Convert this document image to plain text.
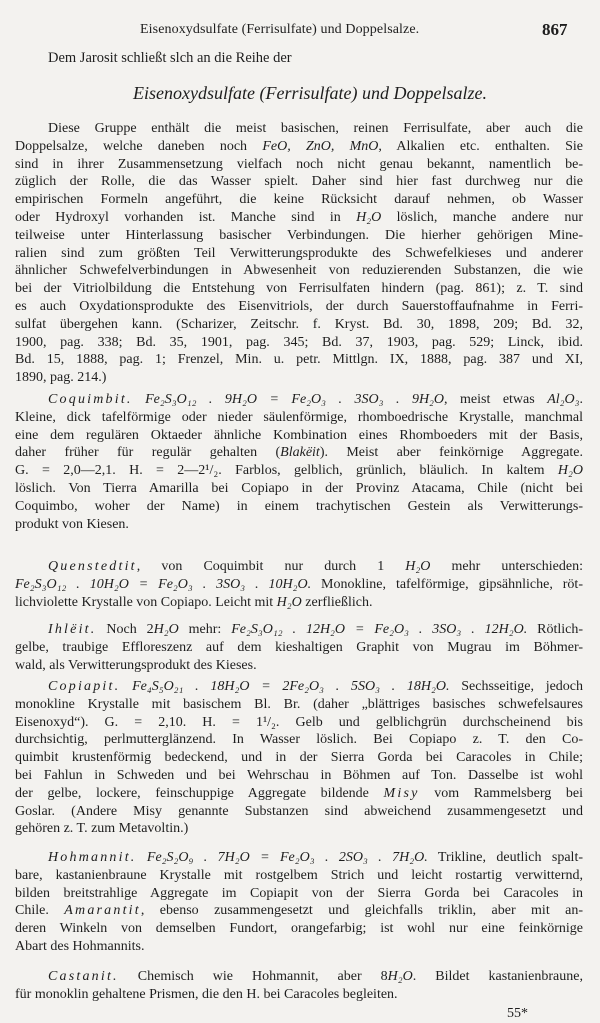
Eisenoxydsulfate (Ferrisulfate) und Doppelsalze.	867
Dem Jarosit schließt slch an die Reihe der
Eisenoxydsulfate (Ferrisulfate) und Doppelsalze.
Diese Gruppe enthält die meist basischen, reinen Ferrisulfate, aber auch die
Doppelsalze, welche daneben noch FeO, ZnO, MnO, Alkalien etc. enthalten. Sie
sind in ihrer Zusammensetzung vielfach noch nicht genau bekannt, namentlich be-
züglich der Rolle, die das Wasser spielt. Daher sind hier fast durchweg nur die
empirischen Formeln angeführt, die keine Rücksicht darauf nehmen, ob Wasser
oder Hydroxyl vorhanden ist. Manche sind in H₂O löslich, manche andere nur
teilweise unter Hinterlassung basischer Verbindungen. Die hierher gehörigen Mine-
ralien sind zum größten Teil Verwitterungsprodukte des Schwefelkieses und anderer
ähnlicher Schwefelverbindungen in Abwesenheit von reduzierenden Substanzen, die wie
bei der Vitriolbildung die Entstehung von Ferrisulfaten hindern (pag. 861); z. T. sind
es auch Oxydationsprodukte des Eisenvitriols, der durch Sauerstoffaufnahme in Ferri-
sulfat übergehen kann. (Scharizer, Zeitschr. f. Kryst. Bd. 30, 1898, 209; Bd. 32,
1900, pag. 338; Bd. 35, 1901, pag. 345; Bd. 37, 1903, pag. 529; Linck, ibid.
Bd. 15, 1888, pag. 1; Frenzel, Min. u. petr. Mittlgn. IX, 1888, pag. 387 und XI,
1890, pag. 214.)
Coquimbit. Fe₂S₃O₁₂ . 9H₂O = Fe₂O₃ . 3SO₃ . 9H₂O, meist etwas Al₂O₃.
Kleine, dick tafelförmige oder nieder säulenförmige, rhomboedrische Krystalle, manchmal
eine dem regulären Oktaeder ähnliche Kombination eines Rhomboeders mit der Basis,
daher früher für regulär gehalten (Blakëit). Meist aber feinkörnige Aggregate.
G. = 2,0—2,1. H. = 2—2¹/₂. Farblos, gelblich, grünlich, bläulich. In kaltem H₂O
löslich. Von Tierra Amarilla bei Copiapo in der Provinz Atacama, Chile (nicht bei
Coquimbo, woher der Name) in einem trachytischen Gestein als Verwitterungs-
produkt von Kiesen.
Quenstedtit, von Coquimbit nur durch 1 H₂O mehr unterschieden:
Fe₂S₃O₁₂ . 10H₂O = Fe₂O₃ . 3SO₃ . 10H₂O. Monokline, tafelförmige, gipsähnliche, röt-
lichviolette Krystalle von Copiapo. Leicht mit H₂O zerfließlich.
Ihlëit. Noch 2H₂O mehr: Fe₂S₃O₁₂ . 12H₂O = Fe₂O₃ . 3SO₃ . 12H₂O. Rötlich-
gelbe, traubige Effloreszenz auf dem kieshaltigen Graphit von Mugrau im Böhmer-
wald, als Verwitterungsprodukt des Kieses.
Copiapit. Fe₄S₅O₂₁ . 18H₂O = 2Fe₂O₃ . 5SO₃ . 18H₂O. Sechsseitige, jedoch
monokline Krystalle mit basischem Bl. Br. (daher „blättriges basisches schwefelsaures
Eisenoxyd“). G. = 2,10. H. = 1¹/₂. Gelb und gelblichgrün durchscheinend bis
durchsichtig, perlmutterglänzend. In Wasser löslich. Bei Copiapo z. T. den Co-
quimbit krustenförmig bedeckend, und in der Sierra Gorda bei Caracoles in Chile;
bei Fahlun in Schweden und bei Wehrschau in Böhmen auf Ton. Dasselbe ist wohl
der gelbe, lockere, feinschuppige Aggregate bildende Misy vom Rammelsberg bei
Goslar. (Andere Misy genannte Substanzen sind abweichend zusammengesetzt und
gehören z. T. zum Metavoltin.)
Hohmannit. Fe₂S₂O₉ . 7H₂O = Fe₂O₃ . 2SO₃ . 7H₂O. Trikline, deutlich spalt-
bare, kastanienbraune Krystalle mit rostgelbem Strich und leicht rostartig verwitternd,
bilden breitstrahlige Aggregate im Copiapit von der Sierra Gorda bei Caracoles in
Chile. Amarantit, ebenso zusammengesetzt und gleichfalls triklin, aber mit an-
deren Winkeln von demselben Fundort, orangefarbig; ist wohl nur eine feinkörnige
Abart des Hohmannits.
Castanit. Chemisch wie Hohmannit, aber 8H₂O. Bildet kastanienbraune,
für monoklin gehaltene Prismen, die den H. bei Caracoles begleiten.
55*
